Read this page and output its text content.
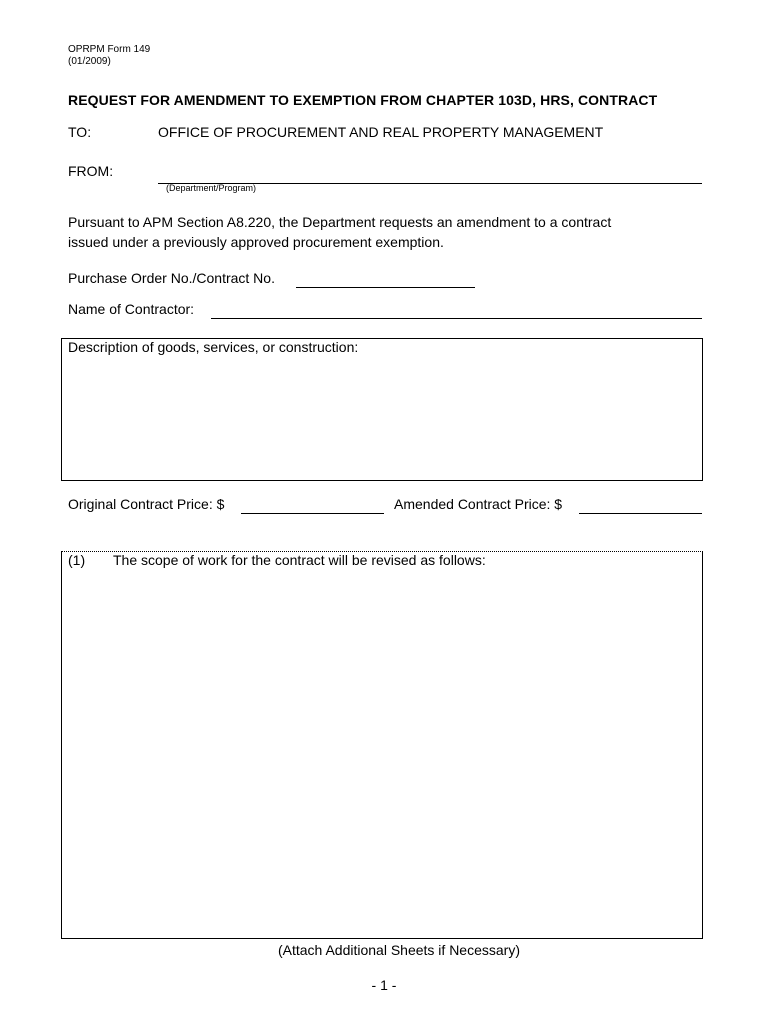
OPRPM Form 149
(01/2009)
REQUEST FOR AMENDMENT TO EXEMPTION FROM CHAPTER 103D, HRS, CONTRACT
TO:	OFFICE OF PROCUREMENT AND REAL PROPERTY MANAGEMENT
FROM:
(Department/Program)
Pursuant to APM Section A8.220, the Department requests an amendment to a contract
issued under a previously approved procurement exemption.
Purchase Order No./Contract No.
Name of Contractor:
Description of goods, services, or construction:
Original Contract Price: $	Amended Contract Price: $
(1) The scope of work for the contract will be revised as follows:
(Attach Additional Sheets if Necessary)
- 1 -
